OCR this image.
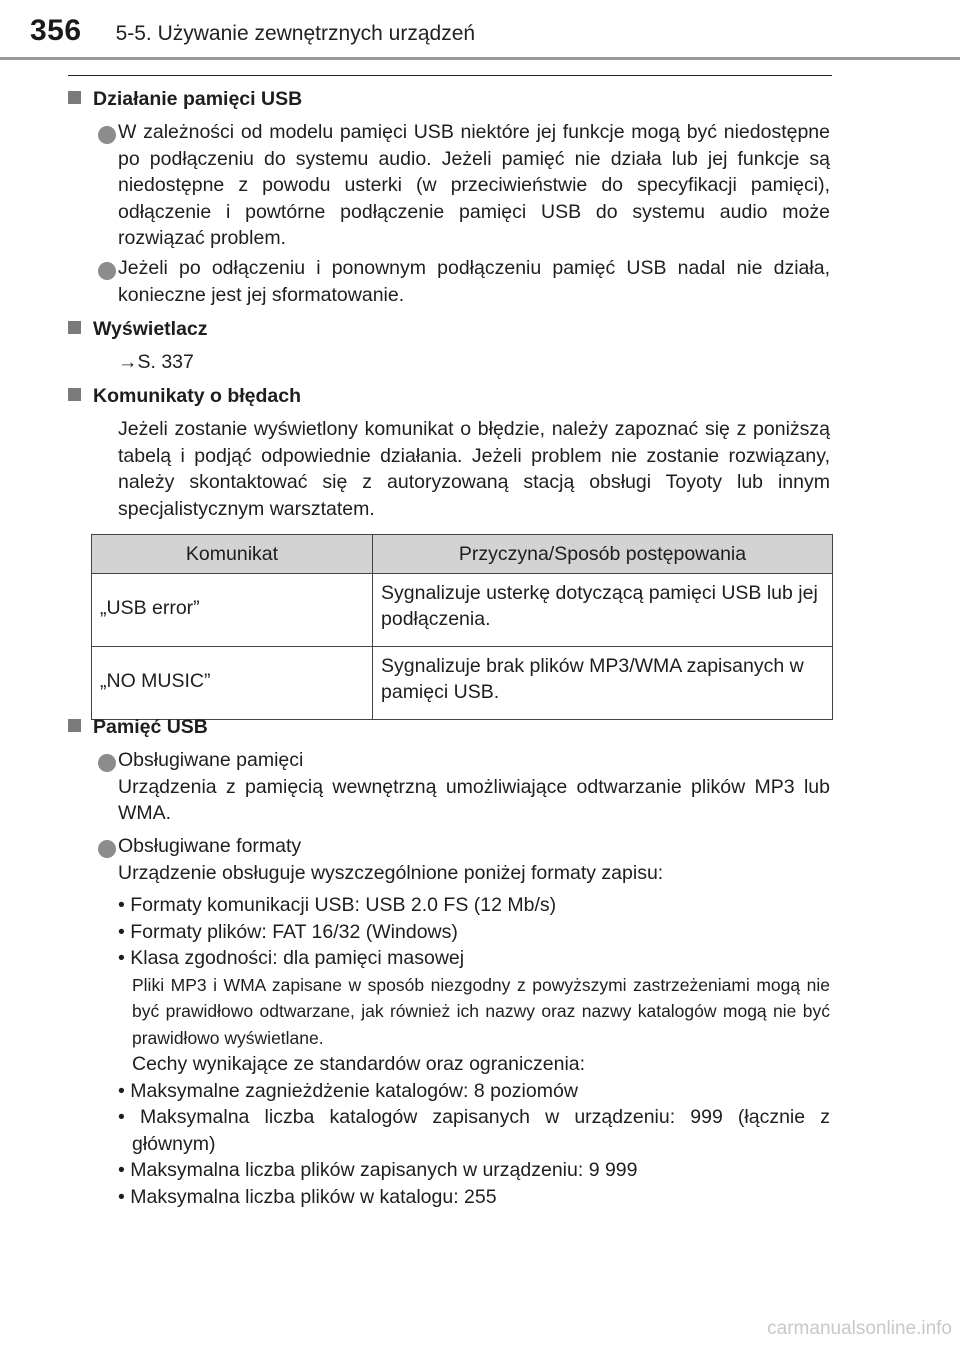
356 5-5. Używanie zewnętrznych urządzeń
Działanie pamięci USB
W zależności od modelu pamięci USB niektóre jej funkcje mogą być niedostępne po podłączeniu do systemu audio. Jeżeli pamięć nie działa lub jej funkcje są niedostępne z powodu usterki (w przeciwieństwie do specyfikacji pamięci), odłączenie i powtórne podłączenie pamięci USB do systemu audio może rozwiązać problem.
Jeżeli po odłączeniu i ponownym podłączeniu pamięć USB nadal nie działa, konieczne jest jej sformatowanie.
Wyświetlacz
→S. 337
Komunikaty o błędach
Jeżeli zostanie wyświetlony komunikat o błędzie, należy zapoznać się z poniższą tabelą i podjąć odpowiednie działania. Jeżeli problem nie zostanie rozwiązany, należy skontaktować się z autoryzowaną stacją obsługi Toyoty lub innym specjalistycznym warsztatem.
Komunikat	Przyczyna/Sposób postępowania
„USB error”	Sygnalizuje usterkę dotyczącą pamięci USB lub jej podłączenia.
„NO MUSIC”	Sygnalizuje brak plików MP3/WMA zapisanych w pamięci USB.
Pamięć USB
Obsługiwane pamięci
Urządzenia z pamięcią wewnętrzną umożliwiające odtwarzanie plików MP3 lub WMA.
Obsługiwane formaty
Urządzenie obsługuje wyszczególnione poniżej formaty zapisu:
• Formaty komunikacji USB: USB 2.0 FS (12 Mb/s)
• Formaty plików: FAT 16/32 (Windows)
• Klasa zgodności: dla pamięci masowej
Pliki MP3 i WMA zapisane w sposób niezgodny z powyższymi zastrzeżeniami mogą nie być prawidłowo odtwarzane, jak również ich nazwy oraz nazwy katalogów mogą nie być prawidłowo wyświetlane.
Cechy wynikające ze standardów oraz ograniczenia:
• Maksymalne zagnieżdżenie katalogów: 8 poziomów
• Maksymalna liczba katalogów zapisanych w urządzeniu: 999 (łącznie z głównym)
• Maksymalna liczba plików zapisanych w urządzeniu: 9 999
• Maksymalna liczba plików w katalogu: 255
carmanualsonline.info
